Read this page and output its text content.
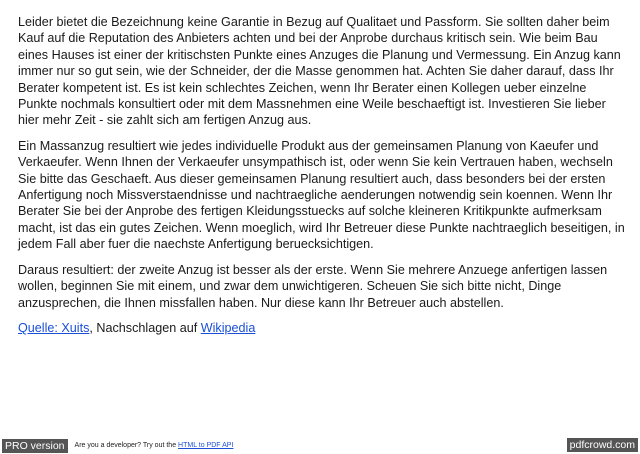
Leider bietet die Bezeichnung keine Garantie in Bezug auf Qualitaet und Passform. Sie sollten daher beim Kauf auf die Reputation des Anbieters achten und bei der Anprobe durchaus kritisch sein. Wie beim Bau eines Hauses ist einer der kritischsten Punkte eines Anzuges die Planung und Vermessung. Ein Anzug kann immer nur so gut sein, wie der Schneider, der die Masse genommen hat. Achten Sie daher darauf, dass Ihr Berater kompetent ist. Es ist kein schlechtes Zeichen, wenn Ihr Berater einen Kollegen ueber einzelne Punkte nochmals konsultiert oder mit dem Massnehmen eine Weile beschaeftigt ist. Investieren Sie lieber hier mehr Zeit - sie zahlt sich am fertigen Anzug aus.

Ein Massanzug resultiert wie jedes individuelle Produkt aus der gemeinsamen Planung von Kaeufer und Verkaeufer. Wenn Ihnen der Verkaeufer unsympathisch ist, oder wenn Sie kein Vertrauen haben, wechseln Sie bitte das Geschaeft. Aus dieser gemeinsamen Planung resultiert auch, dass besonders bei der ersten Anfertigung noch Missverstaendnisse und nachtraegliche aenderungen notwendig sein koennen. Wenn Ihr Berater Sie bei der Anprobe des fertigen Kleidungsstuecks auf solche kleineren Kritikpunkte aufmerksam macht, ist das ein gutes Zeichen. Wenn moeglich, wird Ihr Betreuer diese Punkte nachtraeglich beseitigen, in jedem Fall aber fuer die naechste Anfertigung beruecksichtigen.

Daraus resultiert: der zweite Anzug ist besser als der erste. Wenn Sie mehrere Anzuege anfertigen lassen wollen, beginnen Sie mit einem, und zwar dem unwichtigeren. Scheuen Sie sich bitte nicht, Dinge anzusprechen, die Ihnen missfallen haben. Nur diese kann Ihr Betreuer auch abstellen.

Quelle: Xuits, Nachschlagen auf Wikipedia

PRO version	Are you a developer? Try out the HTML to PDF API	pdfcrowd.com
